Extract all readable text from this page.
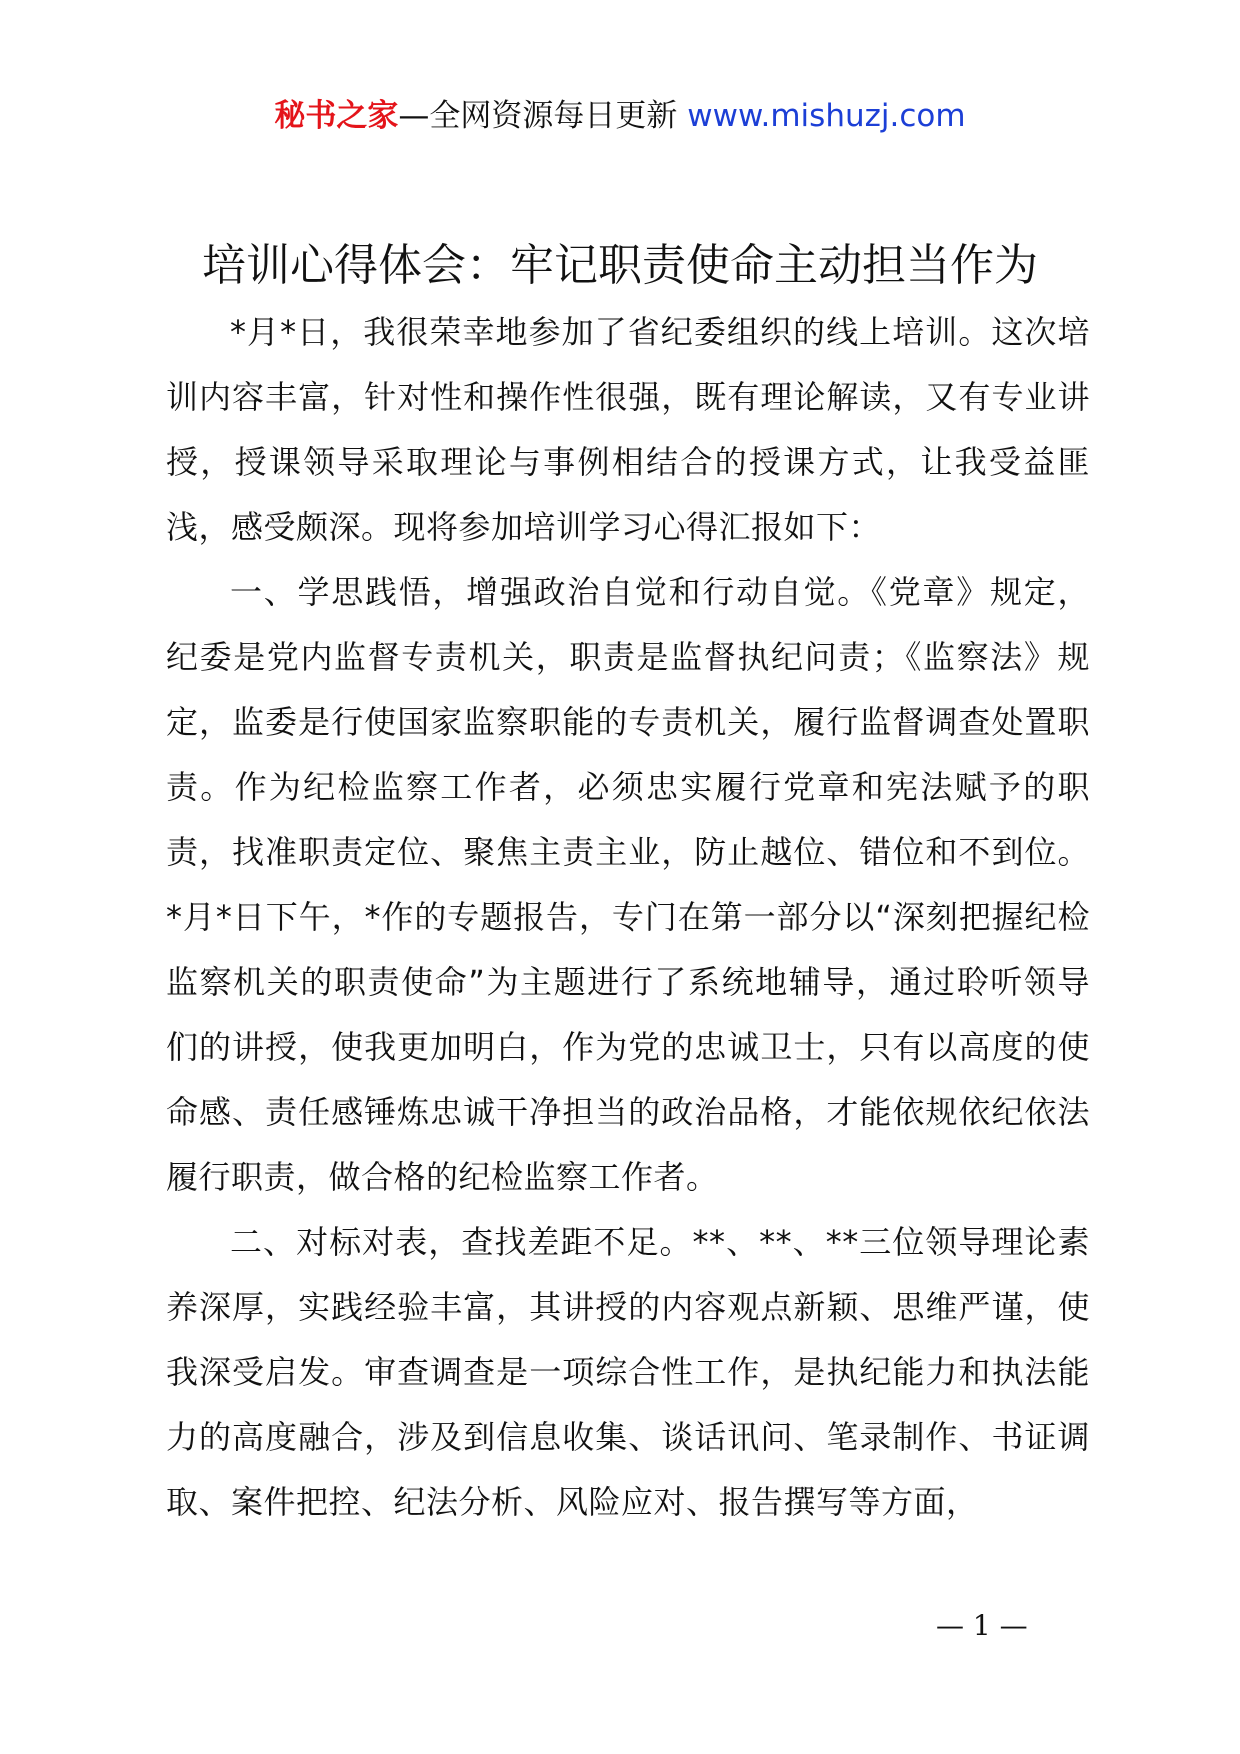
秘书之家—全网资源每日更新 www.mishuzj.com
培训心得体会：牢记职责使命主动担当作为

*月*日，我很荣幸地参加了省纪委组织的线上培训。这次培训内容丰富，针对性和操作性很强，既有理论解读，又有专业讲授，授课领导采取理论与事例相结合的授课方式，让我受益匪浅，感受颇深。现将参加培训学习心得汇报如下：

一、学思践悟，增强政治自觉和行动自觉。《党章》规定，纪委是党内监督专责机关，职责是监督执纪问责；《监察法》规定，监委是行使国家监察职能的专责机关，履行监督调查处置职责。作为纪检监察工作者，必须忠实履行党章和宪法赋予的职责，找准职责定位、聚焦主责主业，防止越位、错位和不到位。*月*日下午，*作的专题报告，专门在第一部分以“深刻把握纪检监察机关的职责使命”为主题进行了系统地辅导，通过聆听领导们的讲授，使我更加明白，作为党的忠诚卫士，只有以高度的使命感、责任感锤炼忠诚干净担当的政治品格，才能依规依纪依法履行职责，做合格的纪检监察工作者。

二、对标对表，查找差距不足。**、**、**三位领导理论素养深厚，实践经验丰富，其讲授的内容观点新颖、思维严谨，使我深受启发。审查调查是一项综合性工作，是执纪能力和执法能力的高度融合，涉及到信息收集、谈话讯问、笔录制作、书证调取、案件把控、纪法分析、风险应对、报告撰写等方面，

— 1 —
